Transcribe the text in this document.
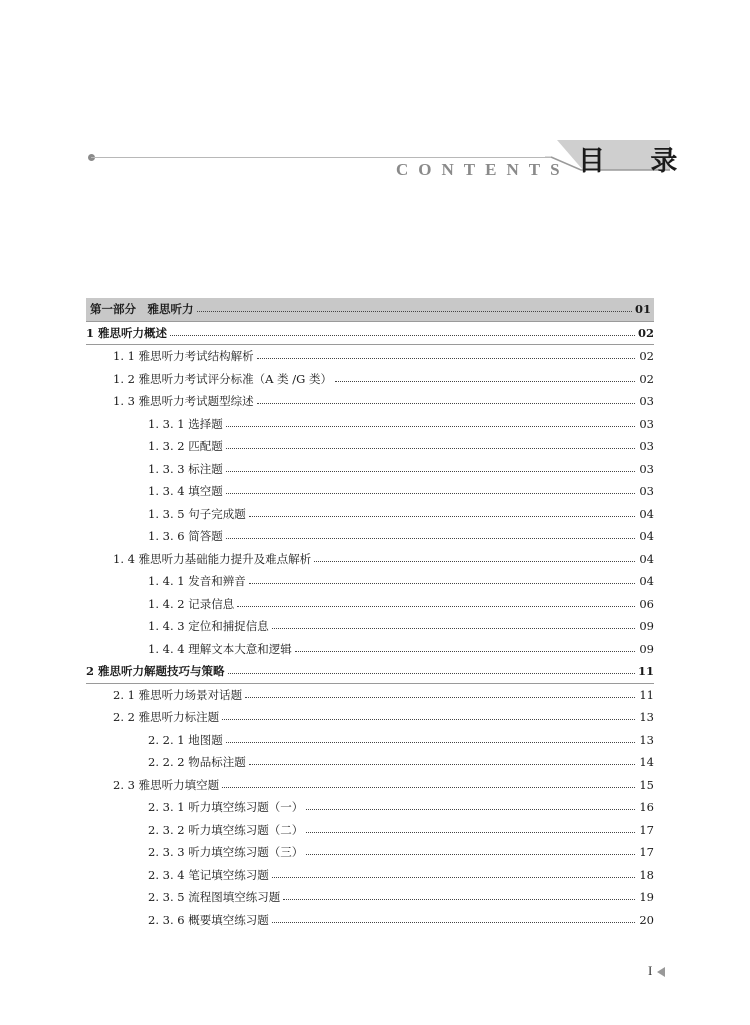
CONTENTS 目 录
第一部分　 雅思听力	01
1 雅思听力概述	02
1. 1 雅思听力考试结构解析	02
1. 2 雅思听力考试评分标准（A 类 /G 类）	02
1. 3 雅思听力考试题型综述	03
1. 3. 1 选择题	03
1. 3. 2 匹配题	03
1. 3. 3 标注题	03
1. 3. 4 填空题	03
1. 3. 5 句子完成题	04
1. 3. 6 简答题	04
1. 4 雅思听力基础能力提升及难点解析	04
1. 4. 1 发音和辨音	04
1. 4. 2 记录信息	06
1. 4. 3 定位和捕捉信息	09
1. 4. 4 理解文本大意和逻辑	09
2 雅思听力解题技巧与策略	11
2. 1 雅思听力场景对话题	11
2. 2 雅思听力标注题	13
2. 2. 1 地图题	13
2. 2. 2 物品标注题	14
2. 3 雅思听力填空题	15
2. 3. 1 听力填空练习题（一）	16
2. 3. 2 听力填空练习题（二）	17
2. 3. 3 听力填空练习题（三）	17
2. 3. 4 笔记填空练习题	18
2. 3. 5 流程图填空练习题	19
2. 3. 6 概要填空练习题	20
I
